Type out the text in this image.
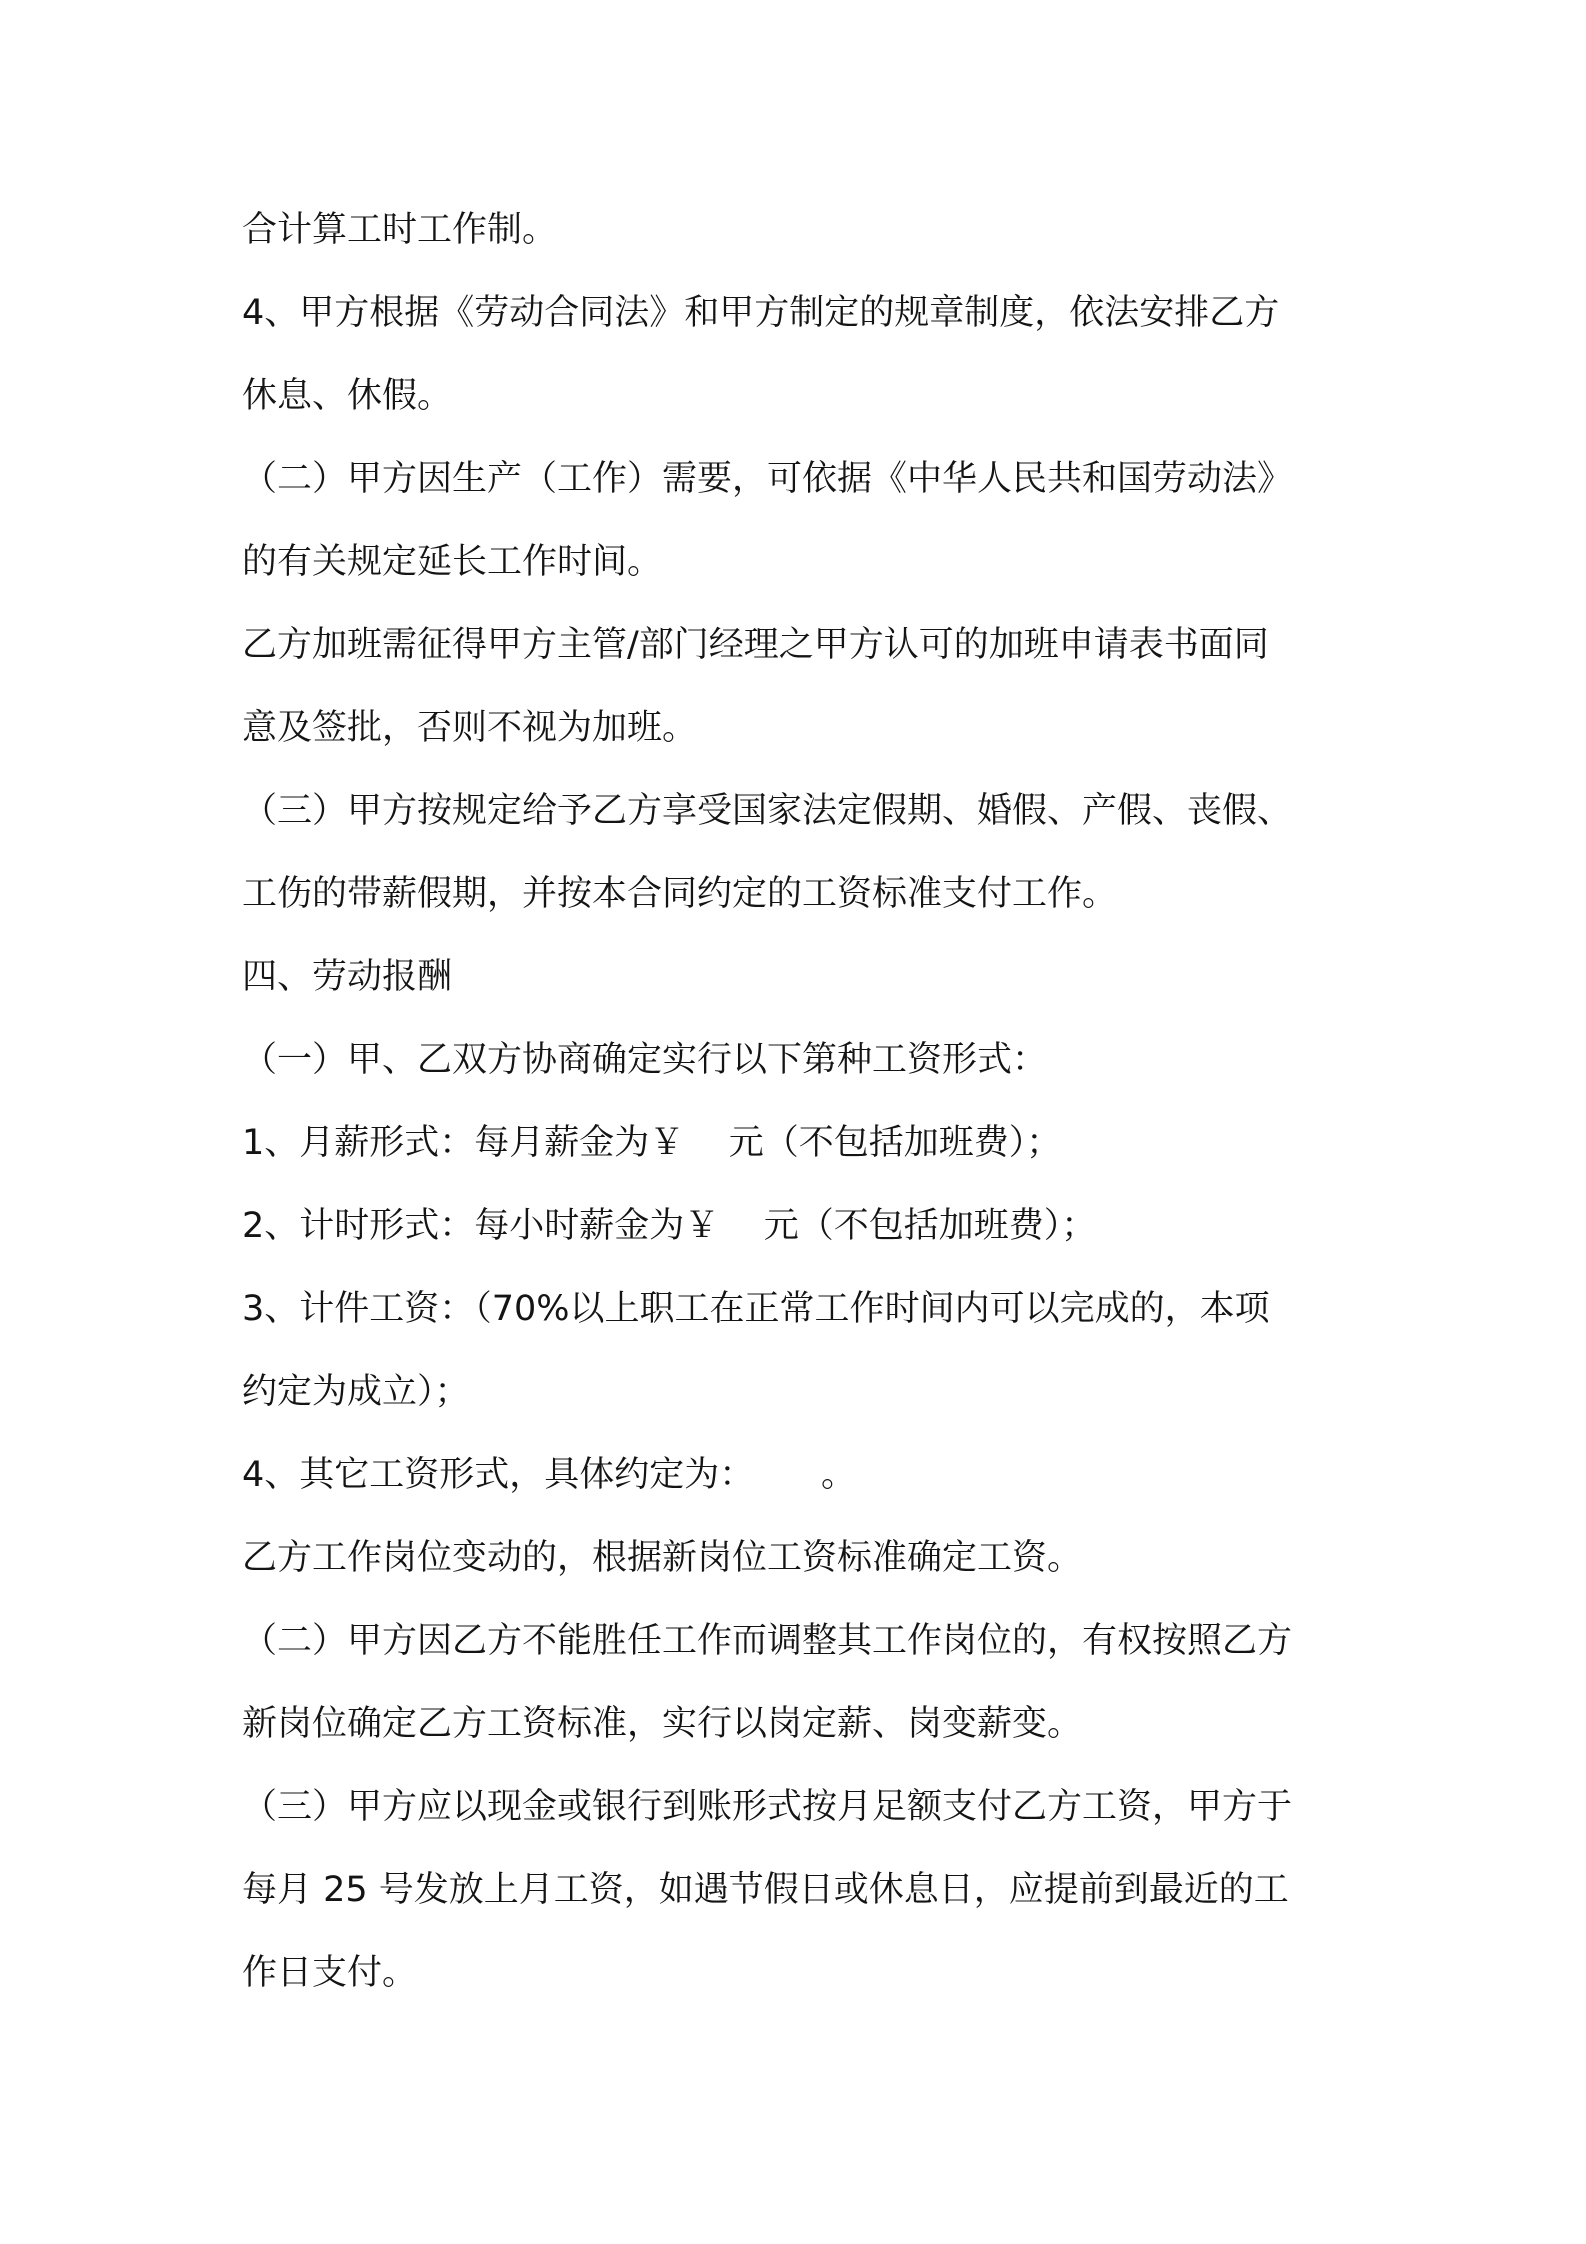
合计算工时工作制。
4、甲方根据《劳动合同法》和甲方制定的规章制度，依法安排乙方
休息、休假。
（二）甲方因生产（工作）需要，可依据《中华人民共和国劳动法》
的有关规定延长工作时间。
乙方加班需征得甲方主管/部门经理之甲方认可的加班申请表书面同
意及签批，否则不视为加班。
（三）甲方按规定给予乙方享受国家法定假期、婚假、产假、丧假、
工伤的带薪假期，并按本合同约定的工资标准支付工作。
四、劳动报酬
（一）甲、乙双方协商确定实行以下第种工资形式：
1、月薪形式：每月薪金为￥    元（不包括加班费）；
2、计时形式：每小时薪金为￥    元（不包括加班费）；
3、计件工资：（70%以上职工在正常工作时间内可以完成的，本项
约定为成立）；
4、其它工资形式，具体约定为：      。
乙方工作岗位变动的，根据新岗位工资标准确定工资。
（二）甲方因乙方不能胜任工作而调整其工作岗位的，有权按照乙方
新岗位确定乙方工资标准，实行以岗定薪、岗变薪变。
（三）甲方应以现金或银行到账形式按月足额支付乙方工资，甲方于
每月 25 号发放上月工资，如遇节假日或休息日，应提前到最近的工
作日支付。
